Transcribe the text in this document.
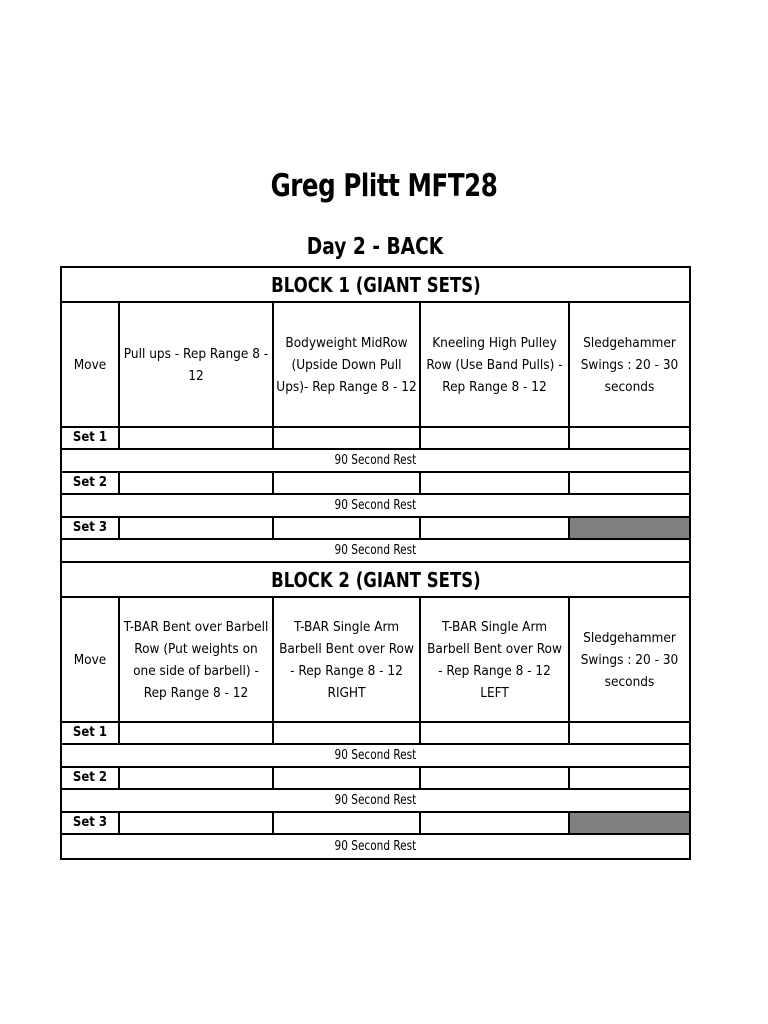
Greg Plitt MFT28
Day 2 - BACK
BLOCK 1 (GIANT SETS)
Move
Pull ups - Rep Range 8 - 12
Bodyweight MidRow (Upside Down Pull Ups)- Rep Range 8 - 12
Kneeling High Pulley Row (Use Band Pulls) - Rep Range 8 - 12
Sledgehammer Swings : 20 - 30 seconds
Set 1
90 Second Rest
Set 2
90 Second Rest
Set 3
90 Second Rest
BLOCK 2 (GIANT SETS)
Move
T-BAR Bent over Barbell Row (Put weights on one side of barbell) - Rep Range 8 - 12
T-BAR Single Arm Barbell Bent over Row - Rep Range 8 - 12 RIGHT
T-BAR Single Arm Barbell Bent over Row - Rep Range 8 - 12 LEFT
Sledgehammer Swings : 20 - 30 seconds
Set 1
90 Second Rest
Set 2
90 Second Rest
Set 3
90 Second Rest
